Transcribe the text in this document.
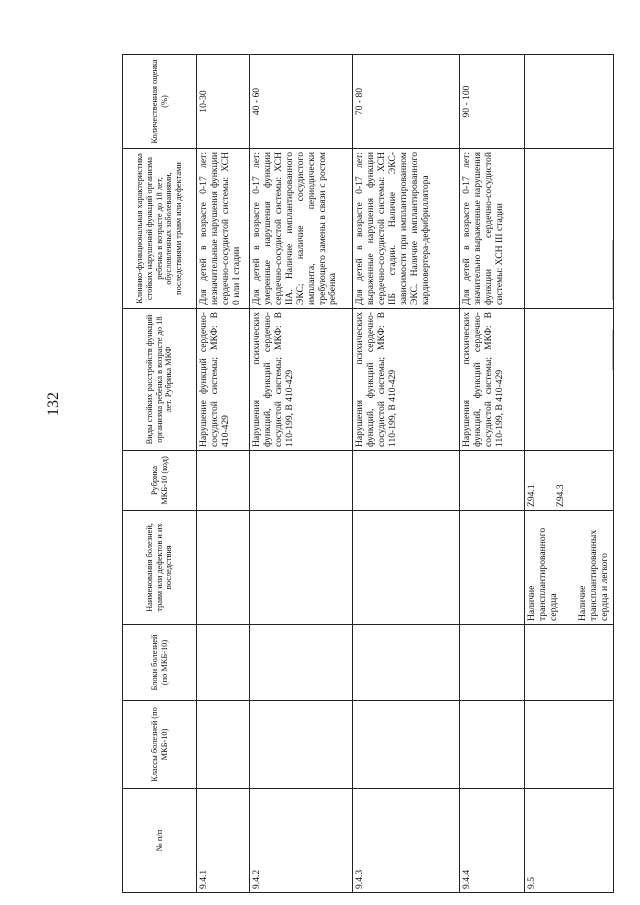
132
№ п/п	Классы болезней (по МКБ-10)	Блоки болезней (по МКБ-10)	Наименования болезней, травм или дефектов и их последствия	Рубрика МКБ-10 (код)	Виды стойких расстройств функций организма ребенка в возрасте до 18 лет. Рубрика МКФ	Клинико-функциональная характеристика стойких нарушений функций организма ребенка в возрасте до 18 лет, обусловленных заболеваниями, последствиями травм или дефектами	Количественная оценка (%)
9.4.1					Нарушение функций сердечно-сосудистой системы; МКФ: В 410-429	Для детей в возрасте 0-17 лет: незначительные нарушения функции сердечно-сосудистой системы: ХСН 0 или I стадии	10-30
9.4.2					Нарушения психических функций, функций сердечно-сосудистой системы; МКФ: В 110-199, В 410-429	Для детей в возрасте 0-17 лет: умеренные нарушения функции сердечно-сосудистой системы: ХСН IIА. Наличие имплантированного ЭКС; наличие сосудистого импланта, периодически требующего замены в связи с ростом ребенка	40 - 60
9.4.3					Нарушения психических функций, функций сердечно-сосудистой системы; МКФ: В 110-199, В 410-429	Для детей в возрасте 0-17 лет: выраженные нарушения функции сердечно-сосудистой системы: ХСН IIБ стадии. Наличие ЭКС-зависимости при имплантированном ЭКС. Наличие имплантированного кардиовертера-дефибриллятора	70 - 80
9.4.4					Нарушения психических функций, функций сердечно-сосудистой системы; МКФ: В 110-199, В 410-429	Для детей в возрасте 0-17 лет: значительно выраженные нарушения функции сердечно-сосудистой системы: ХСН III стадии	90 - 100
9.5			Наличие трансплантированного сердца Наличие трансплантированных сердца и легкого	Z94.1 Z94.3			
